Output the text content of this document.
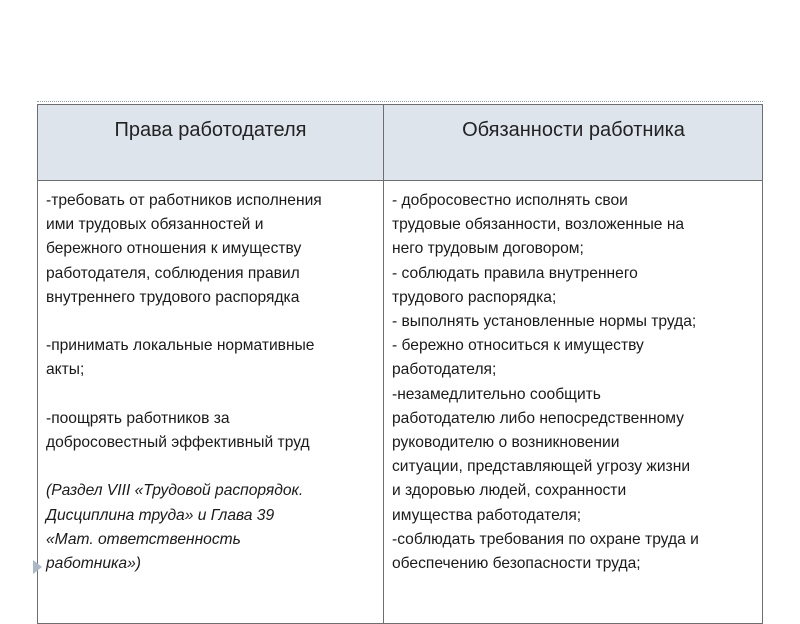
Права работодателя	Обязанности работника
-требовать от работников исполнения
ими трудовых обязанностей и
бережного отношения к имуществу
работодателя, соблюдения правил
внутреннего трудового распорядка
-принимать локальные нормативные
акты;
-поощрять работников за
добросовестный эффективный труд
(Раздел VIII «Трудовой распорядок.
Дисциплина труда» и Глава 39
«Мат. ответственность
работника»)
- добросовестно исполнять свои
трудовые обязанности, возложенные на
него трудовым договором;
- соблюдать правила внутреннего
трудового распорядка;
- выполнять установленные нормы труда;
- бережно относиться к имуществу
работодателя;
-незамедлительно сообщить
работодателю либо непосредственному
руководителю о возникновении
ситуации, представляющей угрозу жизни
и здоровью людей, сохранности
имущества работодателя;
-соблюдать требования по охране труда и
обеспечению безопасности труда;
